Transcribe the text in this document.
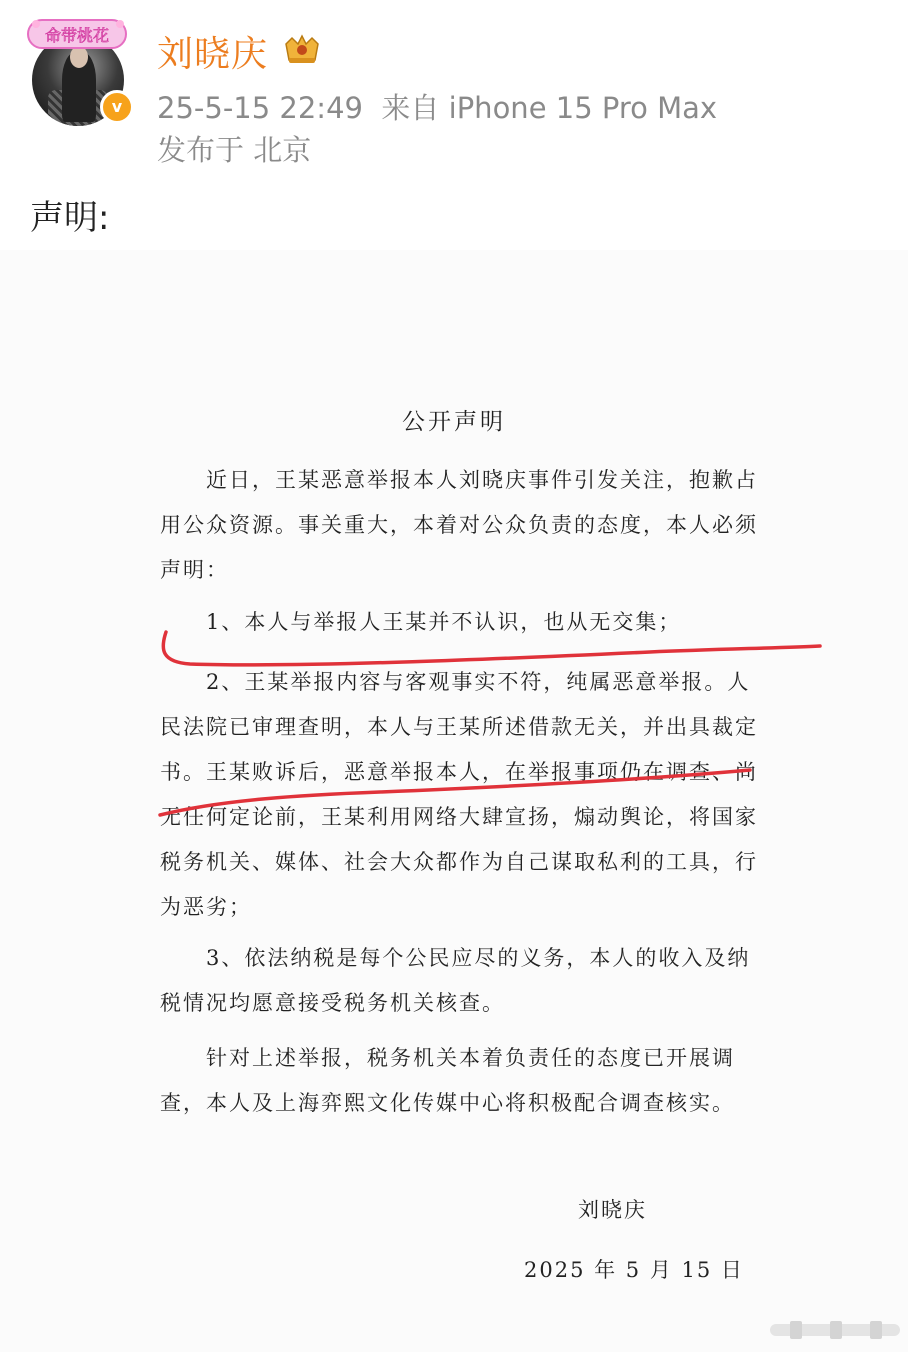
命带桃花
v
刘晓庆
25-5-15 22:49 来自 iPhone 15 Pro Max
发布于 北京
声明:
公开声明
近日，王某恶意举报本人刘晓庆事件引发关注，抱歉占用公众资源。事关重大，本着对公众负责的态度，本人必须声明：
1、本人与举报人王某并不认识，也从无交集；
2、王某举报内容与客观事实不符，纯属恶意举报。人民法院已审理查明，本人与王某所述借款无关，并出具裁定书。王某败诉后，恶意举报本人，在举报事项仍在调查、尚无任何定论前，王某利用网络大肆宣扬，煽动舆论，将国家税务机关、媒体、社会大众都作为自己谋取私利的工具，行为恶劣；
3、依法纳税是每个公民应尽的义务，本人的收入及纳税情况均愿意接受税务机关核查。
针对上述举报，税务机关本着负责任的态度已开展调查，本人及上海弈熙文化传媒中心将积极配合调查核实。
刘晓庆
2025 年 5 月 15 日
